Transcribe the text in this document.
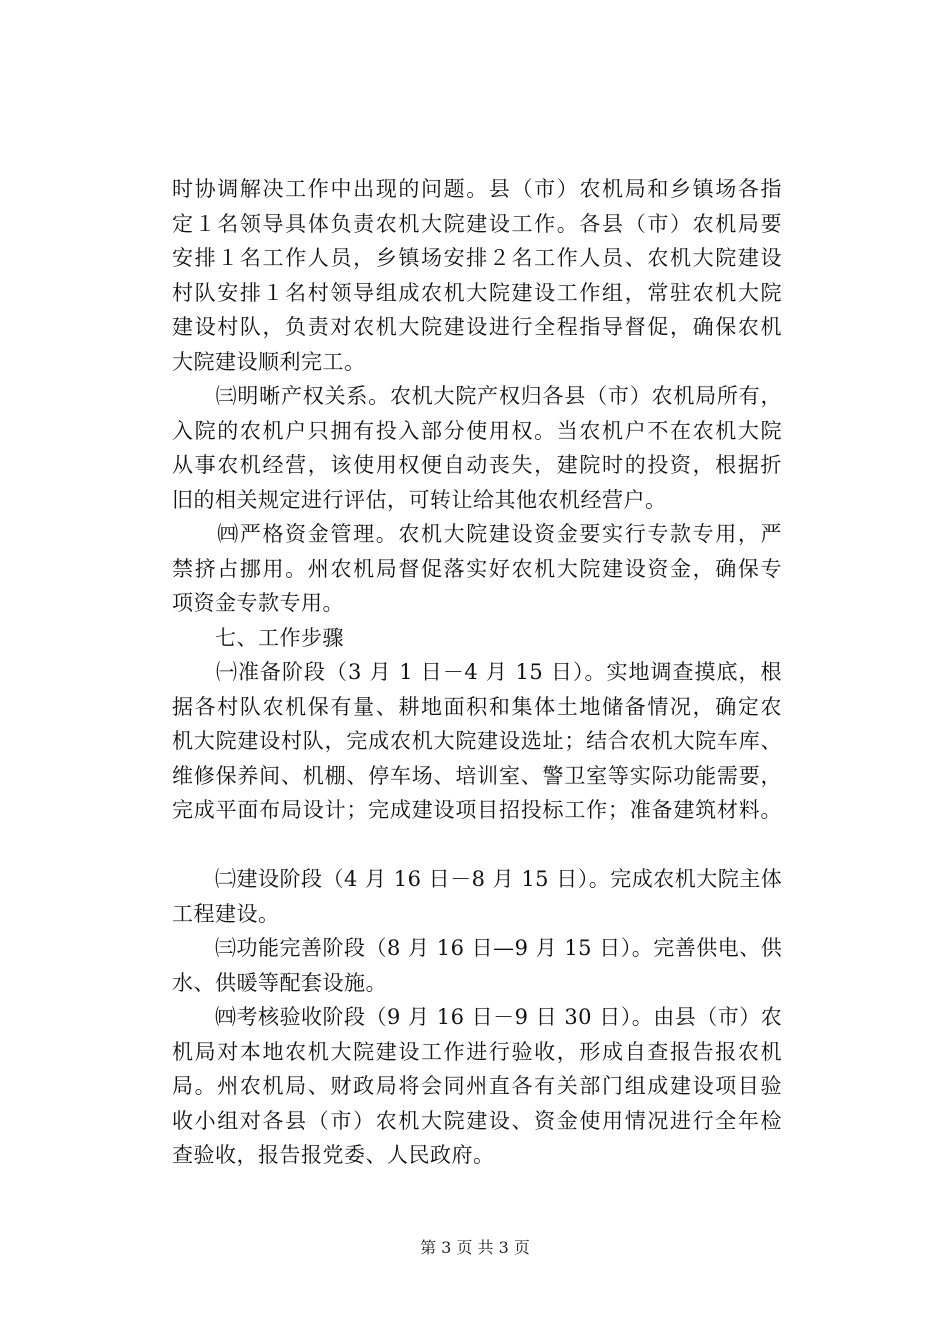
时协调解决工作中出现的问题。县（市）农机局和乡镇场各指
定１名领导具体负责农机大院建设工作。各县（市）农机局要
安排１名工作人员，乡镇场安排２名工作人员、农机大院建设
村队安排１名村领导组成农机大院建设工作组，常驻农机大院
建设村队，负责对农机大院建设进行全程指导督促，确保农机
大院建设顺利完工。
　　㈢明晰产权关系。农机大院产权归各县（市）农机局所有，
入院的农机户只拥有投入部分使用权。当农机户不在农机大院
从事农机经营，该使用权便自动丧失，建院时的投资，根据折
旧的相关规定进行评估，可转让给其他农机经营户。
　　㈣严格资金管理。农机大院建设资金要实行专款专用，严
禁挤占挪用。州农机局督促落实好农机大院建设资金，确保专
项资金专款专用。
　　七、工作步骤
　　㈠准备阶段（3 月 1 日－4 月 15 日）。实地调查摸底，根
据各村队农机保有量、耕地面积和集体土地储备情况，确定农
机大院建设村队，完成农机大院建设选址；结合农机大院车库、
维修保养间、机棚、停车场、培训室、警卫室等实际功能需要，
完成平面布局设计；完成建设项目招投标工作；准备建筑材料。
　　㈡建设阶段（4 月 16 日－8 月 15 日）。完成农机大院主体
工程建设。
　　㈢功能完善阶段（8 月 16 日—9 月 15 日）。完善供电、供
水、供暖等配套设施。
　　㈣考核验收阶段（9 月 16 日－9 日 30 日）。由县（市）农
机局对本地农机大院建设工作进行验收，形成自查报告报农机
局。州农机局、财政局将会同州直各有关部门组成建设项目验
收小组对各县（市）农机大院建设、资金使用情况进行全年检
查验收，报告报党委、人民政府。
第 3 页 共 3 页
